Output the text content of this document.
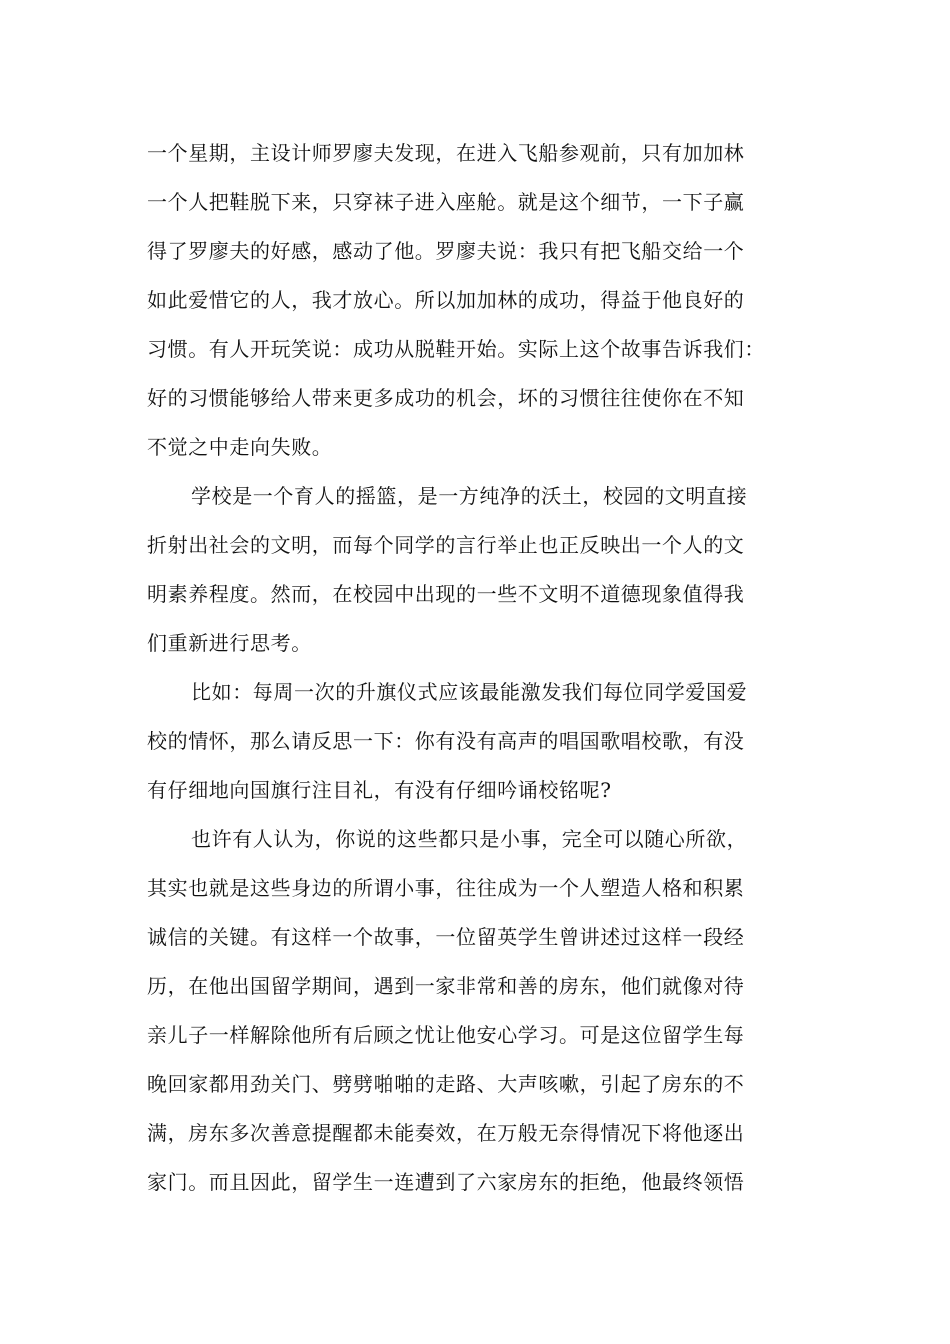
一个星期，主设计师罗廖夫发现，在进入飞船参观前，只有加加林
一个人把鞋脱下来，只穿袜子进入座舱。就是这个细节，一下子赢
得了罗廖夫的好感，感动了他。罗廖夫说：我只有把飞船交给一个
如此爱惜它的人，我才放心。所以加加林的成功，得益于他良好的
习惯。有人开玩笑说：成功从脱鞋开始。实际上这个故事告诉我们：
好的习惯能够给人带来更多成功的机会，坏的习惯往往使你在不知
不觉之中走向失败。
学校是一个育人的摇篮，是一方纯净的沃土，校园的文明直接
折射出社会的文明，而每个同学的言行举止也正反映出一个人的文
明素养程度。然而，在校园中出现的一些不文明不道德现象值得我
们重新进行思考。
比如：每周一次的升旗仪式应该最能激发我们每位同学爱国爱
校的情怀，那么请反思一下：你有没有高声的唱国歌唱校歌，有没
有仔细地向国旗行注目礼，有没有仔细吟诵校铭呢?
也许有人认为，你说的这些都只是小事，完全可以随心所欲，
其实也就是这些身边的所谓小事，往往成为一个人塑造人格和积累
诚信的关键。有这样一个故事，一位留英学生曾讲述过这样一段经
历，在他出国留学期间，遇到一家非常和善的房东，他们就像对待
亲儿子一样解除他所有后顾之忧让他安心学习。可是这位留学生每
晚回家都用劲关门、劈劈啪啪的走路、大声咳嗽，引起了房东的不
满，房东多次善意提醒都未能奏效，在万般无奈得情况下将他逐出
家门。而且因此，留学生一连遭到了六家房东的拒绝，他最终领悟
